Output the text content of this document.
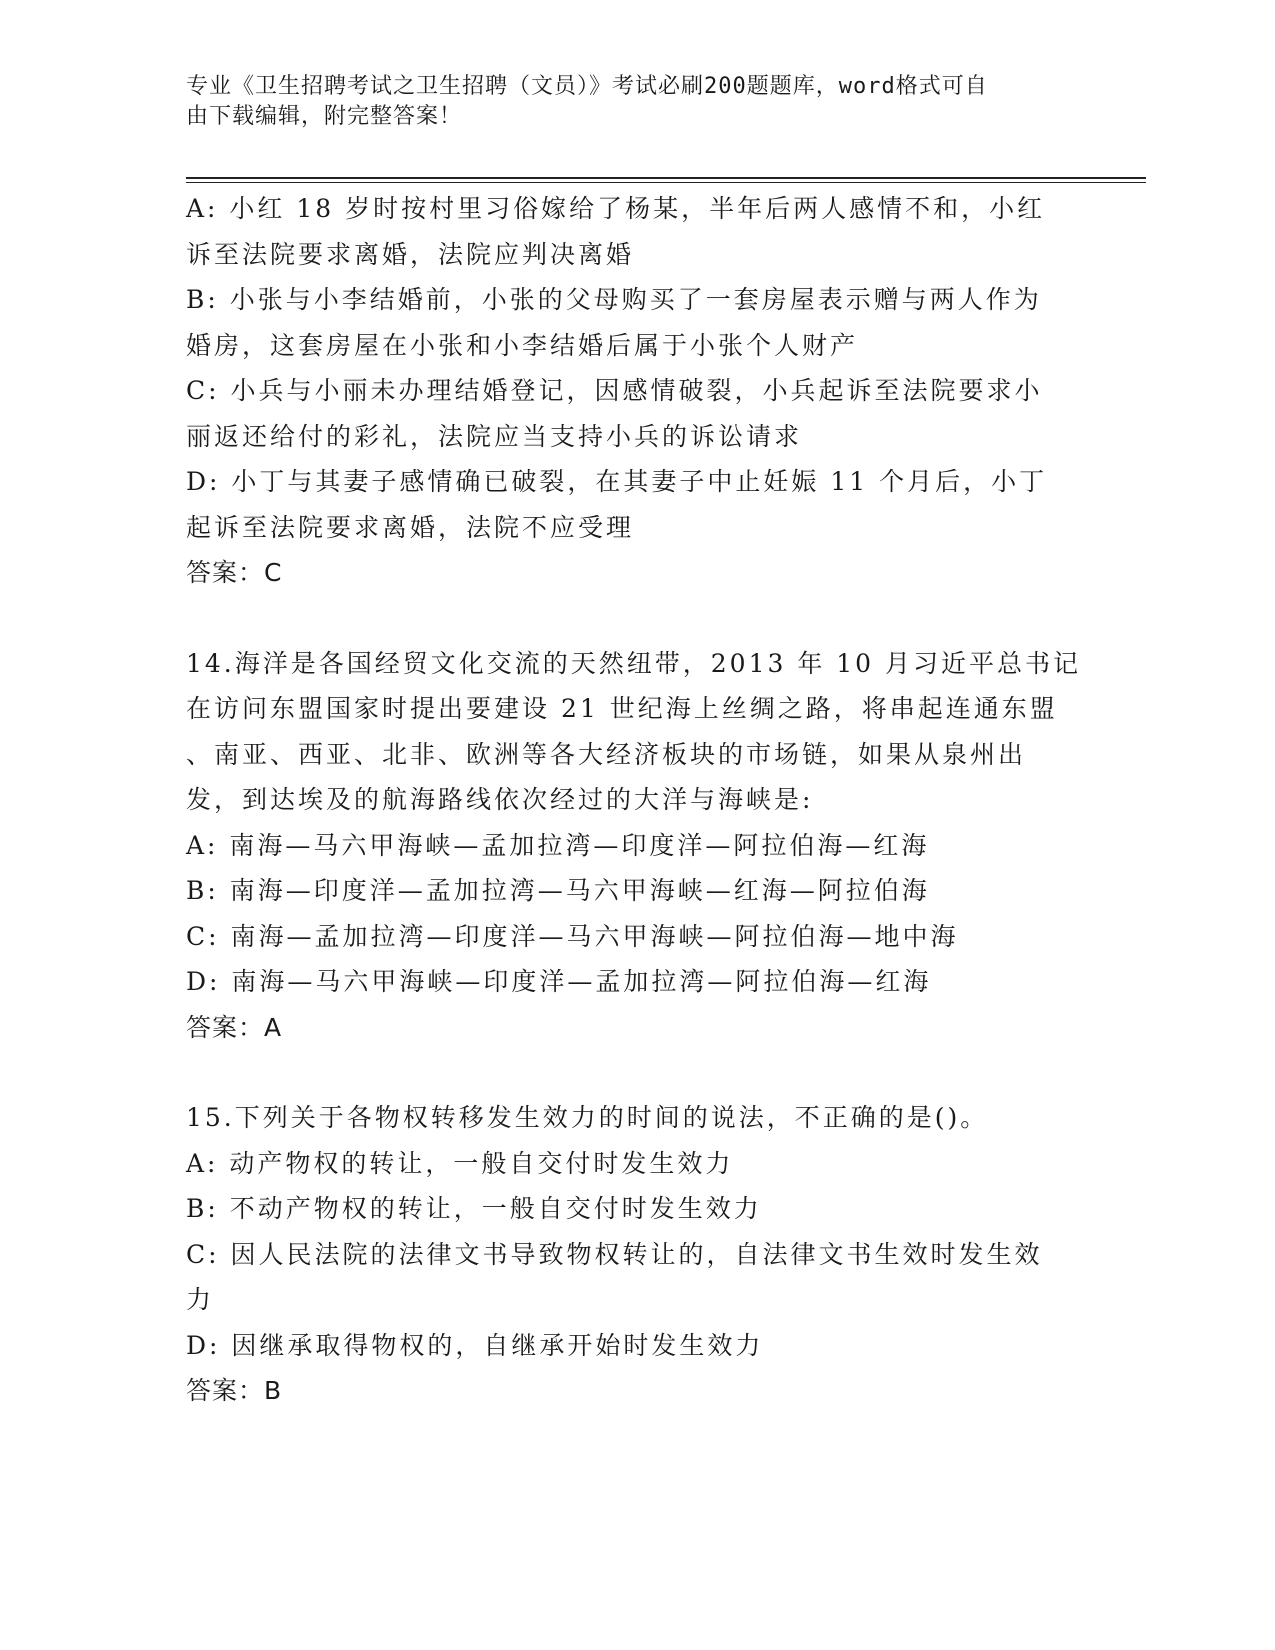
专业《卫生招聘考试之卫生招聘（文员）》考试必刷200题题库，word格式可自
由下载编辑，附完整答案！
A: 小红 18 岁时按村里习俗嫁给了杨某，半年后两人感情不和，小红
诉至法院要求离婚，法院应判决离婚
B: 小张与小李结婚前，小张的父母购买了一套房屋表示赠与两人作为
婚房，这套房屋在小张和小李结婚后属于小张个人财产
C: 小兵与小丽未办理结婚登记，因感情破裂，小兵起诉至法院要求小
丽返还给付的彩礼，法院应当支持小兵的诉讼请求
D: 小丁与其妻子感情确已破裂，在其妻子中止妊娠 11 个月后，小丁
起诉至法院要求离婚，法院不应受理
答案：C
14.海洋是各国经贸文化交流的天然纽带，2013 年 10 月习近平总书记
在访问东盟国家时提出要建设 21 世纪海上丝绸之路，将串起连通东盟
、南亚、西亚、北非、欧洲等各大经济板块的市场链，如果从泉州出
发，到达埃及的航海路线依次经过的大洋与海峡是:
A: 南海—马六甲海峡—孟加拉湾—印度洋—阿拉伯海—红海
B: 南海—印度洋—孟加拉湾—马六甲海峡—红海—阿拉伯海
C: 南海—孟加拉湾—印度洋—马六甲海峡—阿拉伯海—地中海
D: 南海—马六甲海峡—印度洋—孟加拉湾—阿拉伯海—红海
答案：A
15.下列关于各物权转移发生效力的时间的说法，不正确的是()。
A: 动产物权的转让，一般自交付时发生效力
B: 不动产物权的转让，一般自交付时发生效力
C: 因人民法院的法律文书导致物权转让的，自法律文书生效时发生效
力
D: 因继承取得物权的，自继承开始时发生效力
答案：B
